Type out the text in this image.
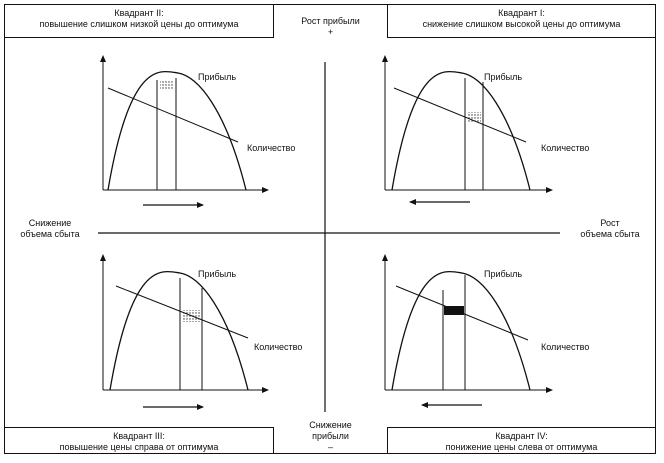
Квадрант II:
повышение слишком низкой цены до оптимума
Квадрант I:
снижение слишком высокой цены до оптимума
Квадрант III:
повышение цены справа от оптимума
Квадрант IV:
понижение цены слева от оптимума
Рост прибыли
+
Снижение
прибыли
–
Снижение
объема сбыта
Рост
объема сбыта
Прибыль
Количество
Прибыль
Количество
Прибыль
Количество
Прибыль
Количество
